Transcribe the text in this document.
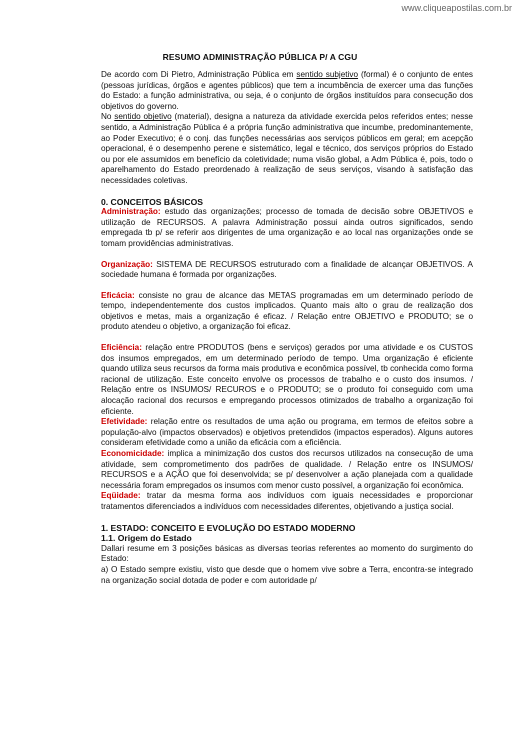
www.cliqueapostilas.com.br
RESUMO ADMINISTRAÇÃO PÚBLICA P/ A CGU

De acordo com Di Pietro, Administração Pública em sentido subjetivo (formal) é o conjunto de entes (pessoas jurídicas, órgãos e agentes públicos) que tem a incumbência de exercer uma das funções do Estado: a função administrativa, ou seja, é o conjunto de órgãos instituídos para consecução dos objetivos do governo.

No sentido objetivo (material), designa a natureza da atividade exercida pelos referidos entes; nesse sentido, a Administração Pública é a própria função administrativa que incumbe, predominantemente, ao Poder Executivo; é o conj. das funções necessárias aos serviços públicos em geral; em acepção operacional, é o desempenho perene e sistemático, legal e técnico, dos serviços próprios do Estado ou por ele assumidos em benefício da coletividade; numa visão global, a Adm Pública é, pois, todo o aparelhamento do Estado preordenado à realização de seus serviços, visando à satisfação das necessidades coletivas.

0. CONCEITOS BÁSICOS

Administração: estudo das organizações; processo de tomada de decisão sobre OBJETIVOS e utilização de RECURSOS. A palavra Administração possui ainda outros significados, sendo empregada tb p/ se referir aos dirigentes de uma organização e ao local nas organizações onde se tomam providências administrativas.

Organização: SISTEMA DE RECURSOS estruturado com a finalidade de alcançar OBJETIVOS. A sociedade humana é formada por organizações.

Eficácia: consiste no grau de alcance das METAS programadas em um determinado período de tempo, independentemente dos custos implicados. Quanto mais alto o grau de realização dos objetivos e metas, mais a organização é eficaz. / Relação entre OBJETIVO e PRODUTO; se o produto atendeu o objetivo, a organização foi eficaz.

Eficiência: relação entre PRODUTOS (bens e serviços) gerados por uma atividade e os CUSTOS dos insumos empregados, em um determinado período de tempo. Uma organização é eficiente quando utiliza seus recursos da forma mais produtiva e econômica possível, tb conhecida como forma racional de utilização. Este conceito envolve os processos de trabalho e o custo dos insumos. / Relação entre os INSUMOS/ RECUROS e o PRODUTO; se o produto foi conseguido com uma alocação racional dos recursos e empregando processos otimizados de trabalho a organização foi eficiente.

Efetividade: relação entre os resultados de uma ação ou programa, em termos de efeitos sobre a população-alvo (impactos observados) e objetivos pretendidos (impactos esperados). Alguns autores consideram efetividade como a união da eficácia com a eficiência.

Economicidade: implica a minimização dos custos dos recursos utilizados na consecução de uma atividade, sem comprometimento dos padrões de qualidade. / Relação entre os INSUMOS/ RECURSOS e a AÇÃO que foi desenvolvida; se p/ desenvolver a ação planejada com a qualidade necessária foram empregados os insumos com menor custo possível, a organização foi econômica.

Eqüidade: tratar da mesma forma aos indivíduos com iguais necessidades e proporcionar tratamentos diferenciados a indivíduos com necessidades diferentes, objetivando a justiça social.

1. ESTADO: CONCEITO E EVOLUÇÃO DO ESTADO MODERNO

1.1. Origem do Estado

Dallari resume em 3 posições básicas as diversas teorias referentes ao momento do surgimento do Estado:

a) O Estado sempre existiu, visto que desde que o homem vive sobre a Terra, encontra-se integrado na organização social dotada de poder e com autoridade p/
